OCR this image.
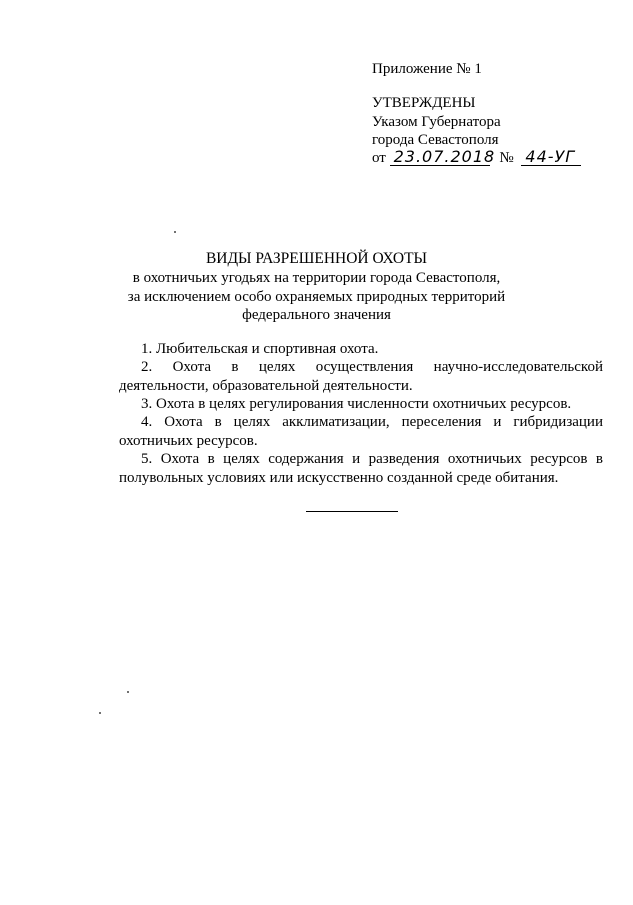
Приложение № 1
УТВЕРЖДЕНЫ
Указом Губернатора
города Севастополя
от 23.07.2018 № 44-УГ
ВИДЫ РАЗРЕШЕННОЙ ОХОТЫ
в охотничьих угодьях на территории города Севастополя,
за исключением особо охраняемых природных территорий
федерального значения

1. Любительская и спортивная охота.

2. Охота в целях осуществления научно-исследовательской деятельности, образовательной деятельности.

3. Охота в целях регулирования численности охотничьих ресурсов.

4. Охота в целях акклиматизации, переселения и гибридизации охотничьих ресурсов.

5. Охота в целях содержания и разведения охотничьих ресурсов в полувольных условиях или искусственно созданной среде обитания.
